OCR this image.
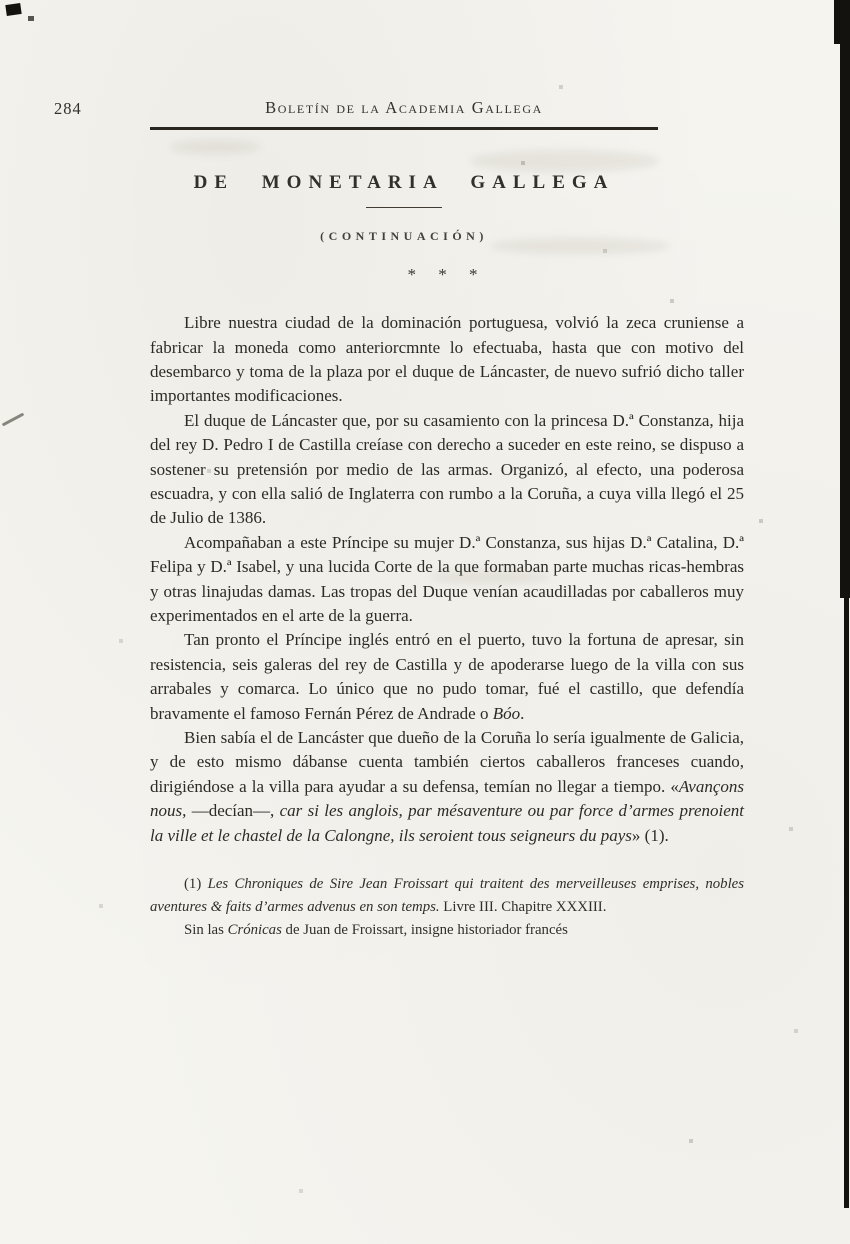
284	Boletín de la Academia Gallega
DE MONETARIA GALLEGA
(CONTINUACIÓN)
* * *

Libre nuestra ciudad de la dominación portuguesa, volvió la zeca cruniense a fabricar la moneda como anteriorcmnte lo efectuaba, hasta que con motivo del desembarco y toma de la plaza por el duque de Láncaster, de nuevo sufrió dicho taller importantes modificaciones.

El duque de Láncaster que, por su casamiento con la princesa D.ª Constanza, hija del rey D. Pedro I de Castilla creíase con derecho a suceder en este reino, se dispuso a sostener su pretensión por medio de las armas. Organizó, al efecto, una poderosa escuadra, y con ella salió de Inglaterra con rumbo a la Coruña, a cuya villa llegó el 25 de Julio de 1386.

Acompañaban a este Príncipe su mujer D.ª Constanza, sus hijas D.ª Catalina, D.ª Felipa y D.ª Isabel, y una lucida Corte de la que formaban parte muchas ricas-hembras y otras linajudas damas. Las tropas del Duque venían acaudilladas por caballeros muy experimentados en el arte de la guerra.

Tan pronto el Príncipe inglés entró en el puerto, tuvo la fortuna de apresar, sin resistencia, seis galeras del rey de Castilla y de apoderarse luego de la villa con sus arrabales y comarca. Lo único que no pudo tomar, fué el castillo, que defendía bravamente el famoso Fernán Pérez de Andrade o Bóo.

Bien sabía el de Lancáster que dueño de la Coruña lo sería igualmente de Galicia, y de esto mismo dábanse cuenta también ciertos caballeros franceses cuando, dirigiéndose a la villa para ayudar a su defensa, temían no llegar a tiempo. «Avançons nous, —decían—, car si les anglois, par mésaventure ou par force d’armes prenoient la ville et le chastel de la Calongne, ils seroient tous seigneurs du pays» (1).

(1) Les Chroniques de Sire Jean Froissart qui traitent des merveilleuses emprises, nobles aventures & faits d’armes advenus en son temps. Livre III. Chapitre XXXIII.

Sin las Crónicas de Juan de Froissart, insigne historiador francés
